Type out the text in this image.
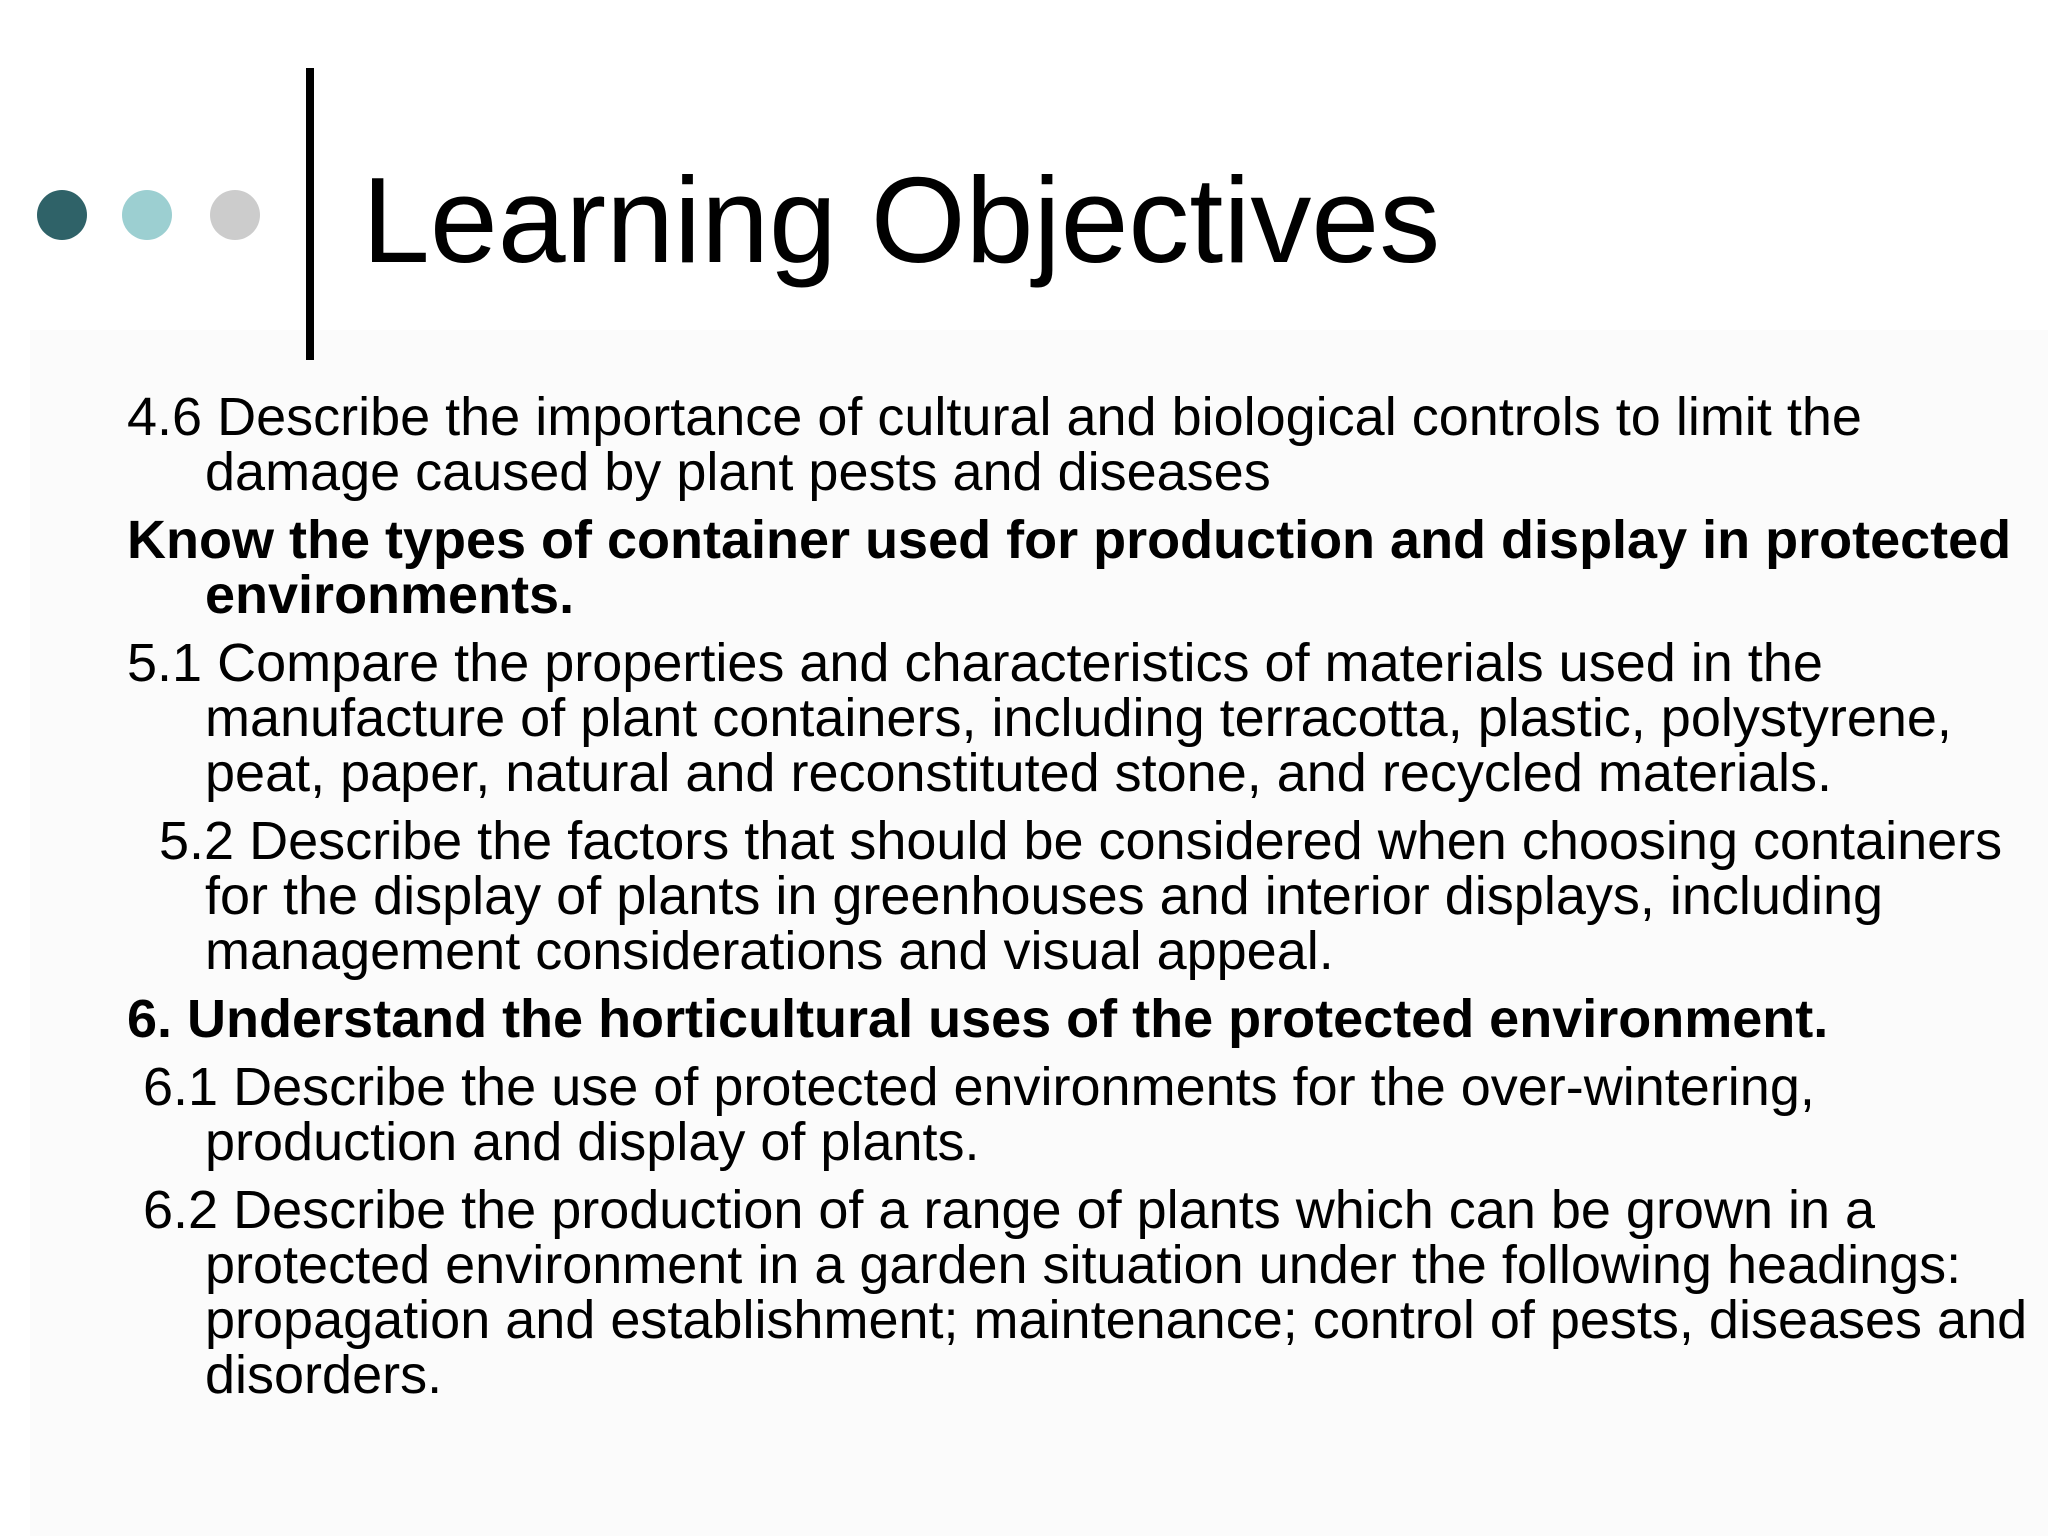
Learning Objectives
4.6 Describe the importance of cultural and biological controls to limit the damage caused by plant pests and diseases
Know the types of container used for production and display in protected environments.
5.1 Compare the properties and characteristics of materials used in the manufacture of plant containers, including terracotta, plastic, polystyrene, peat, paper, natural and reconstituted stone, and recycled materials.
5.2 Describe the factors that should be considered when choosing containers for the display of plants in greenhouses and interior displays, including management considerations and visual appeal.
6. Understand the horticultural uses of the protected environment.
6.1 Describe the use of protected environments for the over-wintering, production and display of plants.
6.2 Describe the production of a range of plants which can be grown in a protected environment in a garden situation under the following headings: propagation and establishment; maintenance; control of pests, diseases and disorders.
